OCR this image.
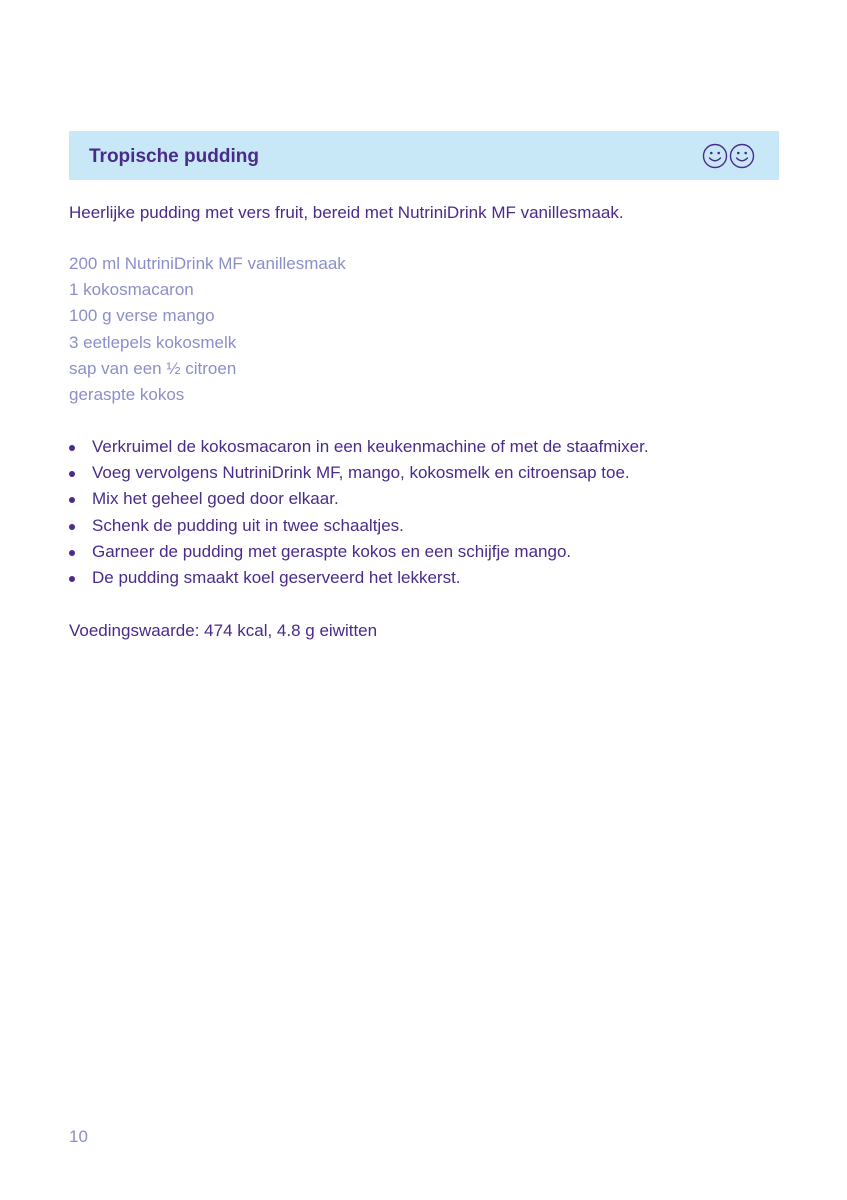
Tropische pudding
Heerlijke pudding met vers fruit, bereid met NutriniDrink MF vanillesmaak.
200 ml NutriniDrink MF vanillesmaak
1 kokosmacaron
100 g verse mango
3 eetlepels kokosmelk
sap van een ½ citroen
geraspte kokos
Verkruimel de kokosmacaron in een keukenmachine of met de staafmixer.
Voeg vervolgens NutriniDrink MF, mango, kokosmelk en citroensap toe.
Mix het geheel goed door elkaar.
Schenk de pudding uit in twee schaaltjes.
Garneer de pudding met geraspte kokos en een schijfje mango.
De pudding smaakt koel geserveerd het lekkerst.
Voedingswaarde: 474 kcal, 4.8 g eiwitten
10
